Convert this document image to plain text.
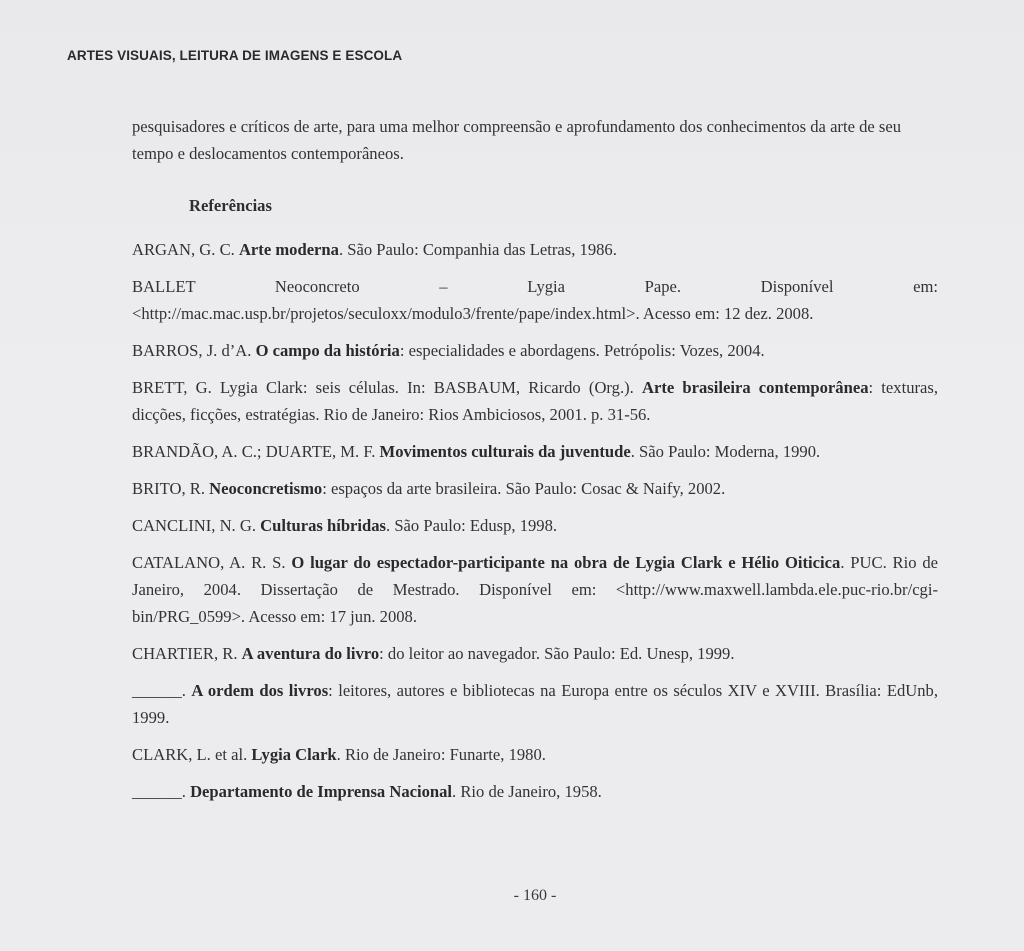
ARTES VISUAIS, LEITURA DE IMAGENS E ESCOLA
pesquisadores e críticos de arte, para uma melhor compreensão e aprofundamento dos conhecimentos da arte de seu tempo e deslocamentos contemporâneos.
Referências

ARGAN, G. C. Arte moderna. São Paulo: Companhia das Letras, 1986.

BALLET Neoconcreto – Lygia Pape. Disponível em: <http://mac.mac.usp.br/projetos/seculoxx/modulo3/frente/pape/index.html>. Acesso em: 12 dez. 2008.

BARROS, J. d’A. O campo da história: especialidades e abordagens. Petrópolis: Vozes, 2004.

BRETT, G. Lygia Clark: seis células. In: BASBAUM, Ricardo (Org.). Arte brasileira contemporânea: texturas, dicções, ficções, estratégias. Rio de Janeiro: Rios Ambiciosos, 2001. p. 31-56.

BRANDÃO, A. C.; DUARTE, M. F. Movimentos culturais da juventude. São Paulo: Moderna, 1990.

BRITO, R. Neoconcretismo: espaços da arte brasileira. São Paulo: Cosac & Naify, 2002.

CANCLINI, N. G. Culturas híbridas. São Paulo: Edusp, 1998.

CATALANO, A. R. S. O lugar do espectador-participante na obra de Lygia Clark e Hélio Oiticica. PUC. Rio de Janeiro, 2004. Dissertação de Mestrado. Disponível em: <http://www.maxwell.lambda.ele.puc-rio.br/cgi-bin/PRG_0599>. Acesso em: 17 jun. 2008.

CHARTIER, R. A aventura do livro: do leitor ao navegador. São Paulo: Ed. Unesp, 1999.

______. A ordem dos livros: leitores, autores e bibliotecas na Europa entre os séculos XIV e XVIII. Brasília: EdUnb, 1999.

CLARK, L. et al. Lygia Clark. Rio de Janeiro: Funarte, 1980.

______. Departamento de Imprensa Nacional. Rio de Janeiro, 1958.

- 160 -
